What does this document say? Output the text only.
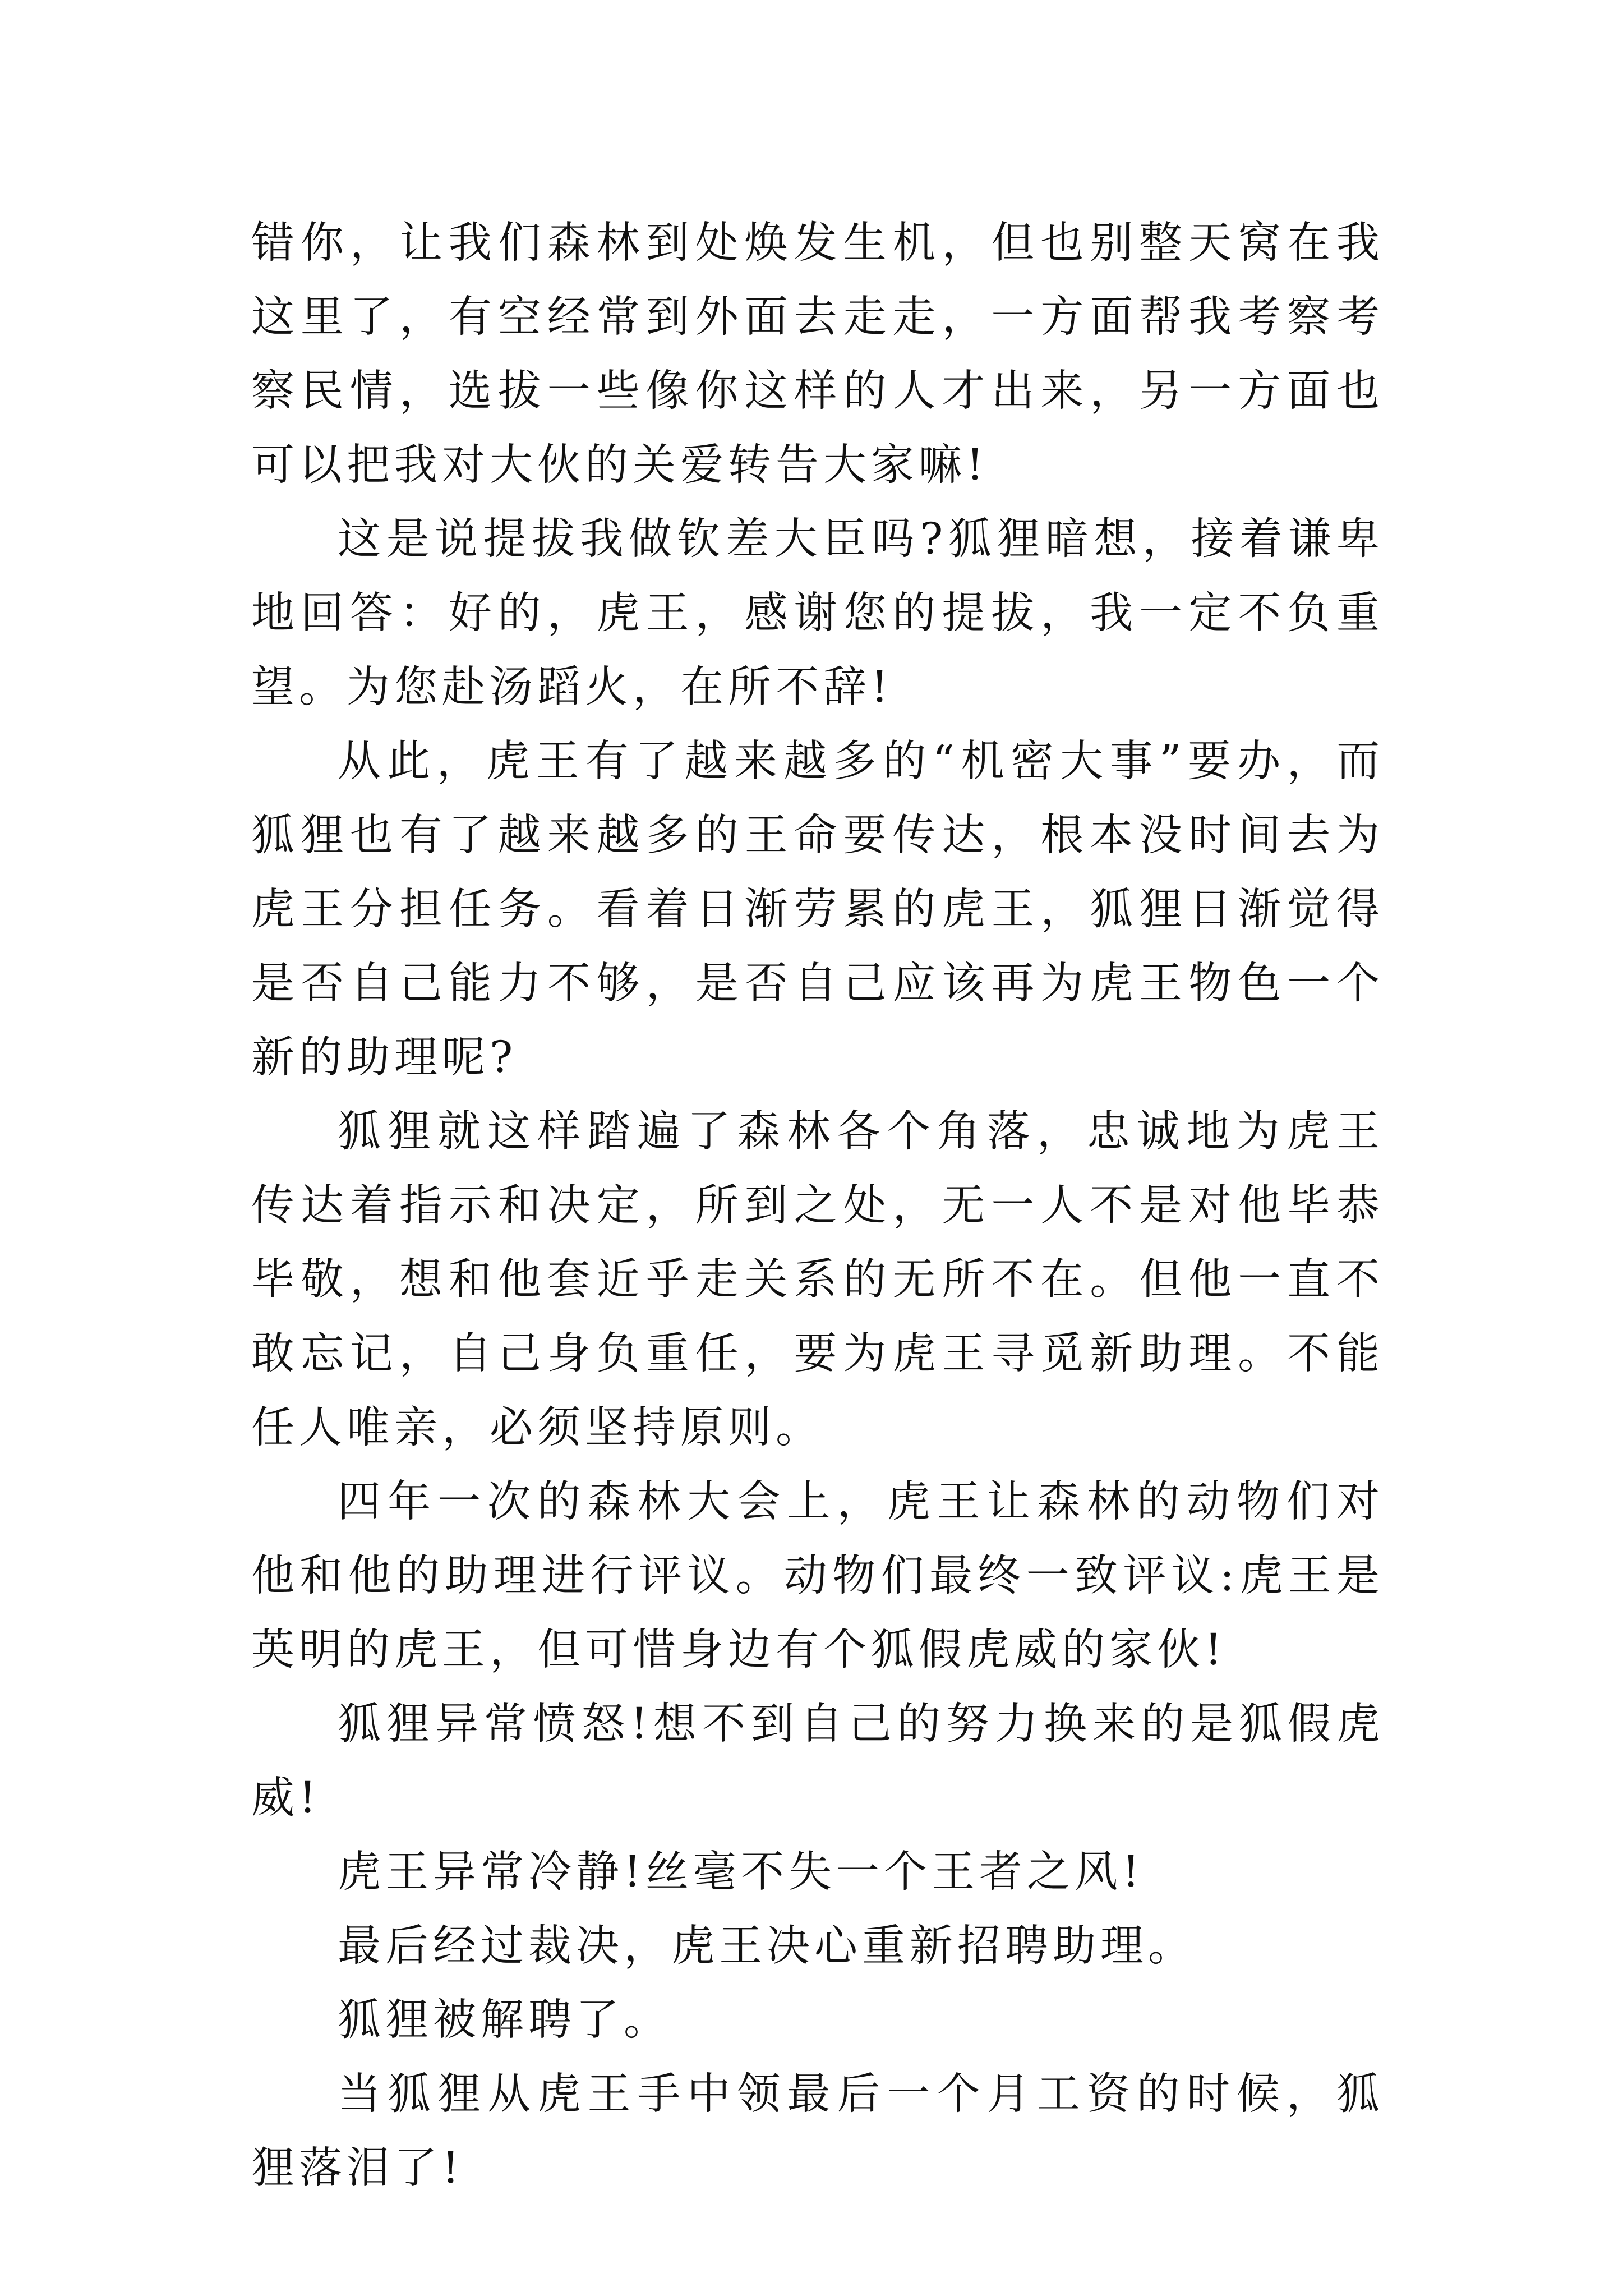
错你，让我们森林到处焕发生机，但也别整天窝在我这里了，有空经常到外面去走走，一方面帮我考察考察民情，选拔一些像你这样的人才出来，另一方面也可以把我对大伙的关爱转告大家嘛!

这是说提拔我做钦差大臣吗?狐狸暗想，接着谦卑地回答：好的，虎王，感谢您的提拔，我一定不负重望。为您赴汤蹈火，在所不辞!

从此，虎王有了越来越多的“机密大事”要办，而狐狸也有了越来越多的王命要传达，根本没时间去为虎王分担任务。看着日渐劳累的虎王，狐狸日渐觉得是否自己能力不够，是否自己应该再为虎王物色一个新的助理呢?

狐狸就这样踏遍了森林各个角落，忠诚地为虎王传达着指示和决定，所到之处，无一人不是对他毕恭毕敬，想和他套近乎走关系的无所不在。但他一直不敢忘记，自己身负重任，要为虎王寻觅新助理。不能任人唯亲，必须坚持原则。

四年一次的森林大会上，虎王让森林的动物们对他和他的助理进行评议。动物们最终一致评议:虎王是英明的虎王，但可惜身边有个狐假虎威的家伙!

狐狸异常愤怒!想不到自己的努力换来的是狐假虎威!

虎王异常冷静!丝毫不失一个王者之风!

最后经过裁决，虎王决心重新招聘助理。

狐狸被解聘了。

当狐狸从虎王手中领最后一个月工资的时候，狐狸落泪了!
